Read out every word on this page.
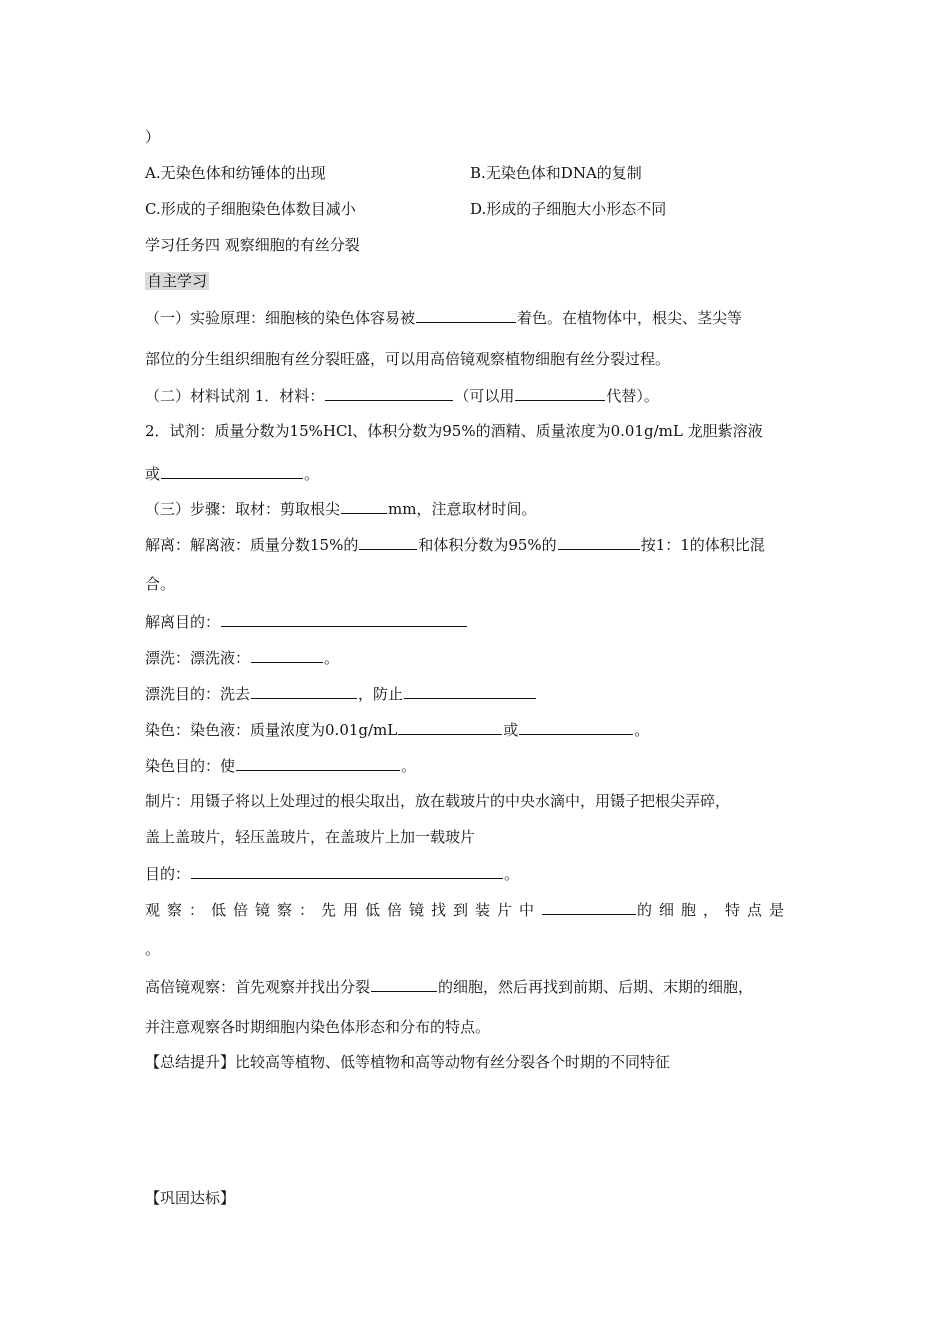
）
A.无染色体和纺锤体的出现	B.无染色体和DNA的复制
C.形成的子细胞染色体数目减小	D.形成的子细胞大小形态不同
学习任务四 观察细胞的有丝分裂
自主学习
（一）实验原理：细胞核的染色体容易被	着色。在植物体中，根尖、茎尖等
部位的分生组织细胞有丝分裂旺盛，可以用高倍镜观察植物细胞有丝分裂过程。
（二）材料试剂 1．材料：	（可以用	代替）。
2．试剂：质量分数为15%HCl、体积分数为95%的酒精、质量浓度为0.01g/mL 龙胆紫溶液
或	。
（三）步骤：取材：剪取根尖	mm，注意取材时间。
解离：解离液：质量分数15%的	和体积分数为95%的	按1：1的体积比混
合。
解离目的：
漂洗：漂洗液：	。
漂洗目的：洗去	，防止
染色：染色液：质量浓度为0.01g/mL	或	。
染色目的：使	。
制片：用镊子将以上处理过的根尖取出，放在载玻片的中央水滴中，用镊子把根尖弄碎，
盖上盖玻片，轻压盖玻片，在盖玻片上加一载玻片
目的：	。
观察：低倍镜察：先用低倍镜找到装片中	的细胞，特点是
。
高倍镜观察：首先观察并找出分裂	的细胞，然后再找到前期、后期、末期的细胞，
并注意观察各时期细胞内染色体形态和分布的特点。
【总结提升】比较高等植物、低等植物和高等动物有丝分裂各个时期的不同特征
【巩固达标】
